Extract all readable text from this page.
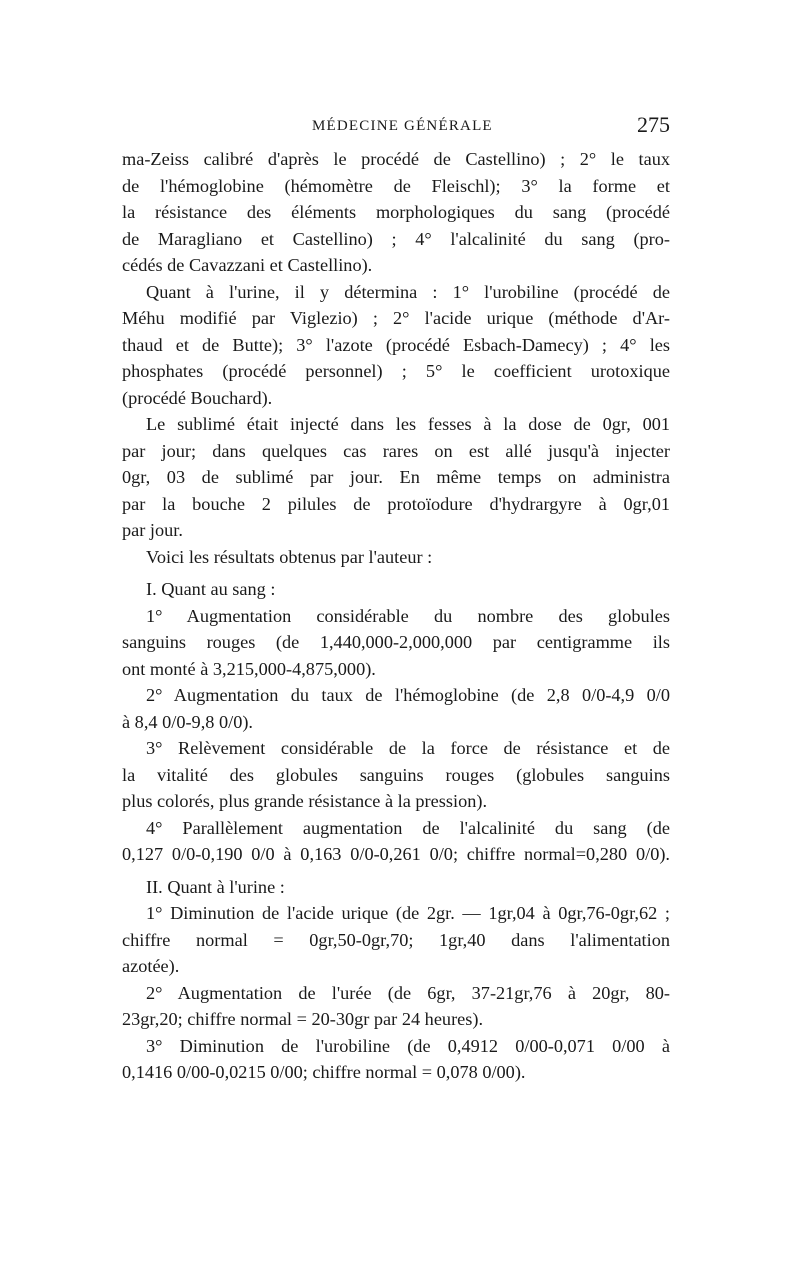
MÉDECINE GÉNÉRALE	275
ma-Zeiss calibré d'après le procédé de Castellino) ; 2° le taux
de l'hémoglobine (hémomètre de Fleischl); 3° la forme et
la résistance des éléments morphologiques du sang (procédé
de Maragliano et Castellino) ; 4° l'alcalinité du sang (pro-
cédés de Cavazzani et Castellino).
Quant à l'urine, il y détermina : 1° l'urobiline (procédé de
Méhu modifié par Viglezio) ; 2° l'acide urique (méthode d'Ar-
thaud et de Butte); 3° l'azote (procédé Esbach-Damecy) ; 4° les
phosphates (procédé personnel) ; 5° le coefficient urotoxique
(procédé Bouchard).
Le sublimé était injecté dans les fesses à la dose de 0gr, 001
par jour; dans quelques cas rares on est allé jusqu'à injecter
0gr, 03 de sublimé par jour. En même temps on administra
par la bouche 2 pilules de protoïodure d'hydrargyre à 0gr,01
par jour.
Voici les résultats obtenus par l'auteur :
I. Quant au sang :
1° Augmentation considérable du nombre des globules
sanguins rouges (de 1,440,000-2,000,000 par centigramme ils
ont monté à 3,215,000-4,875,000).
2° Augmentation du taux de l'hémoglobine (de 2,8 0/0-4,9 0/0
à 8,4 0/0-9,8 0/0).
3° Relèvement considérable de la force de résistance et de
la vitalité des globules sanguins rouges (globules sanguins
plus colorés, plus grande résistance à la pression).
4° Parallèlement augmentation de l'alcalinité du sang (de
0,127 0/0-0,190 0/0 à 0,163 0/0-0,261 0/0; chiffre normal=0,280 0/0).
II. Quant à l'urine :
1° Diminution de l'acide urique (de 2gr. — 1gr,04 à 0gr,76-0gr,62 ;
chiffre normal = 0gr,50-0gr,70; 1gr,40 dans l'alimentation
azotée).
2° Augmentation de l'urée (de 6gr, 37-21gr,76 à 20gr, 80-
23gr,20; chiffre normal = 20-30gr par 24 heures).
3° Diminution de l'urobiline (de 0,4912 0/00-0,071 0/00 à
0,1416 0/00-0,0215 0/00; chiffre normal = 0,078 0/00).
